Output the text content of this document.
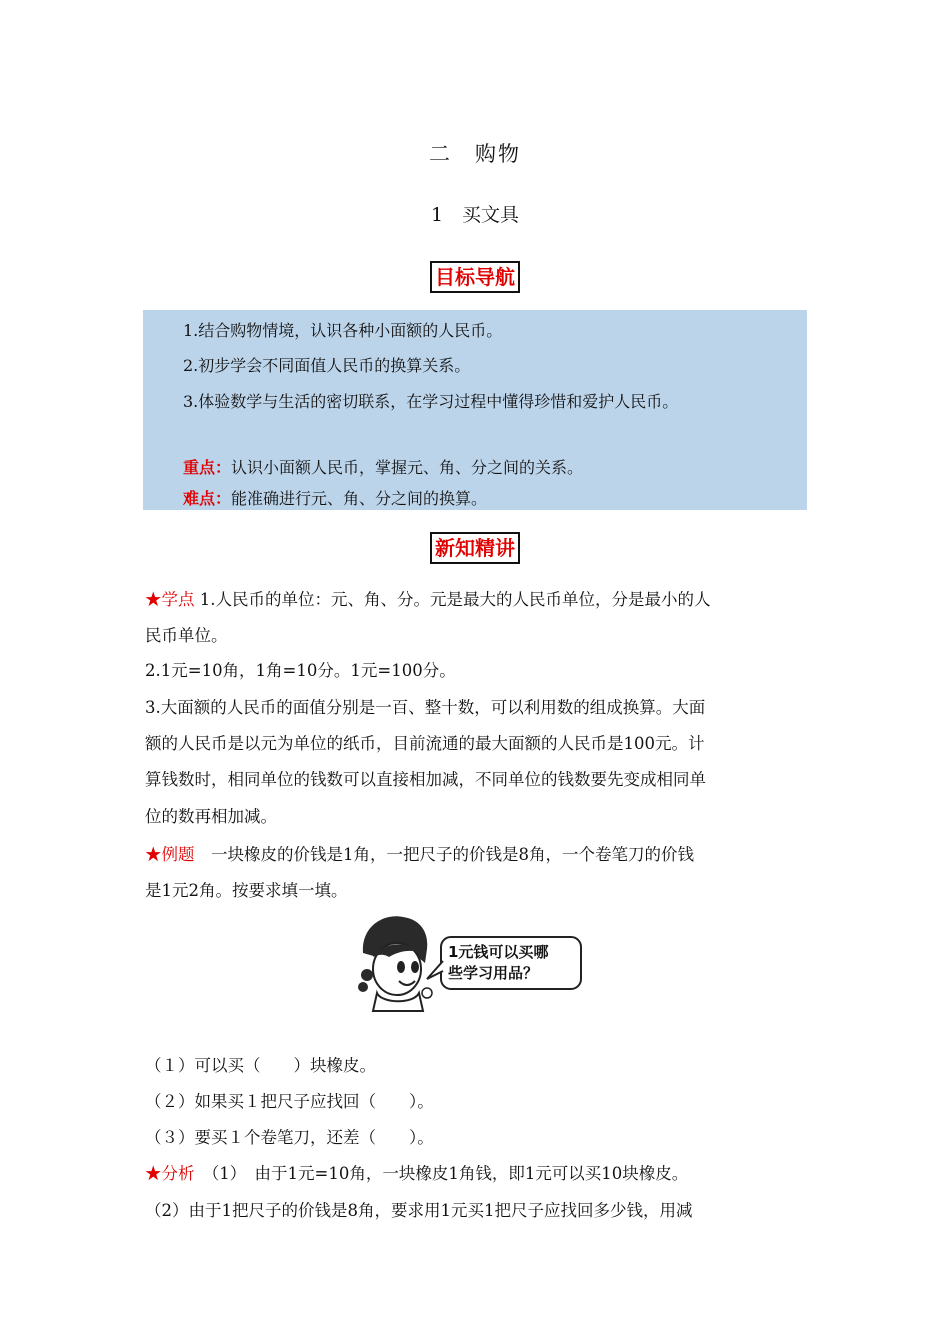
二　购物
1　买文具
目标导航
1.结合购物情境，认识各种小面额的人民币。
2.初步学会不同面值人民币的换算关系。
3.体验数学与生活的密切联系，在学习过程中懂得珍惜和爱护人民币。
重点：认识小面额人民币，掌握元、角、分之间的关系。
难点：能准确进行元、角、分之间的换算。
新知精讲
★学点 1.人民币的单位：元、角、分。元是最大的人民币单位，分是最小的人
民币单位。
2.1元=10角，1角=10分。1元=100分。
3.大面额的人民币的面值分别是一百、整十数，可以利用数的组成换算。大面
额的人民币是以元为单位的纸币，目前流通的最大面额的人民币是100元。计
算钱数时，相同单位的钱数可以直接相加减，不同单位的钱数要先变成相同单
位的数再相加减。
★例题　一块橡皮的价钱是1角，一把尺子的价钱是8角，一个卷笔刀的价钱
是1元2角。按要求填一填。
1元钱可以买哪
些学习用品？
（１）可以买（　　）块橡皮。
（２）如果买１把尺子应找回（　　）。
（３）要买１个卷笔刀，还差（　　）。
★分析　（1）　由于1元=10角，一块橡皮1角钱，即1元可以买10块橡皮。
（2）由于1把尺子的价钱是8角，要求用1元买1把尺子应找回多少钱，用减
